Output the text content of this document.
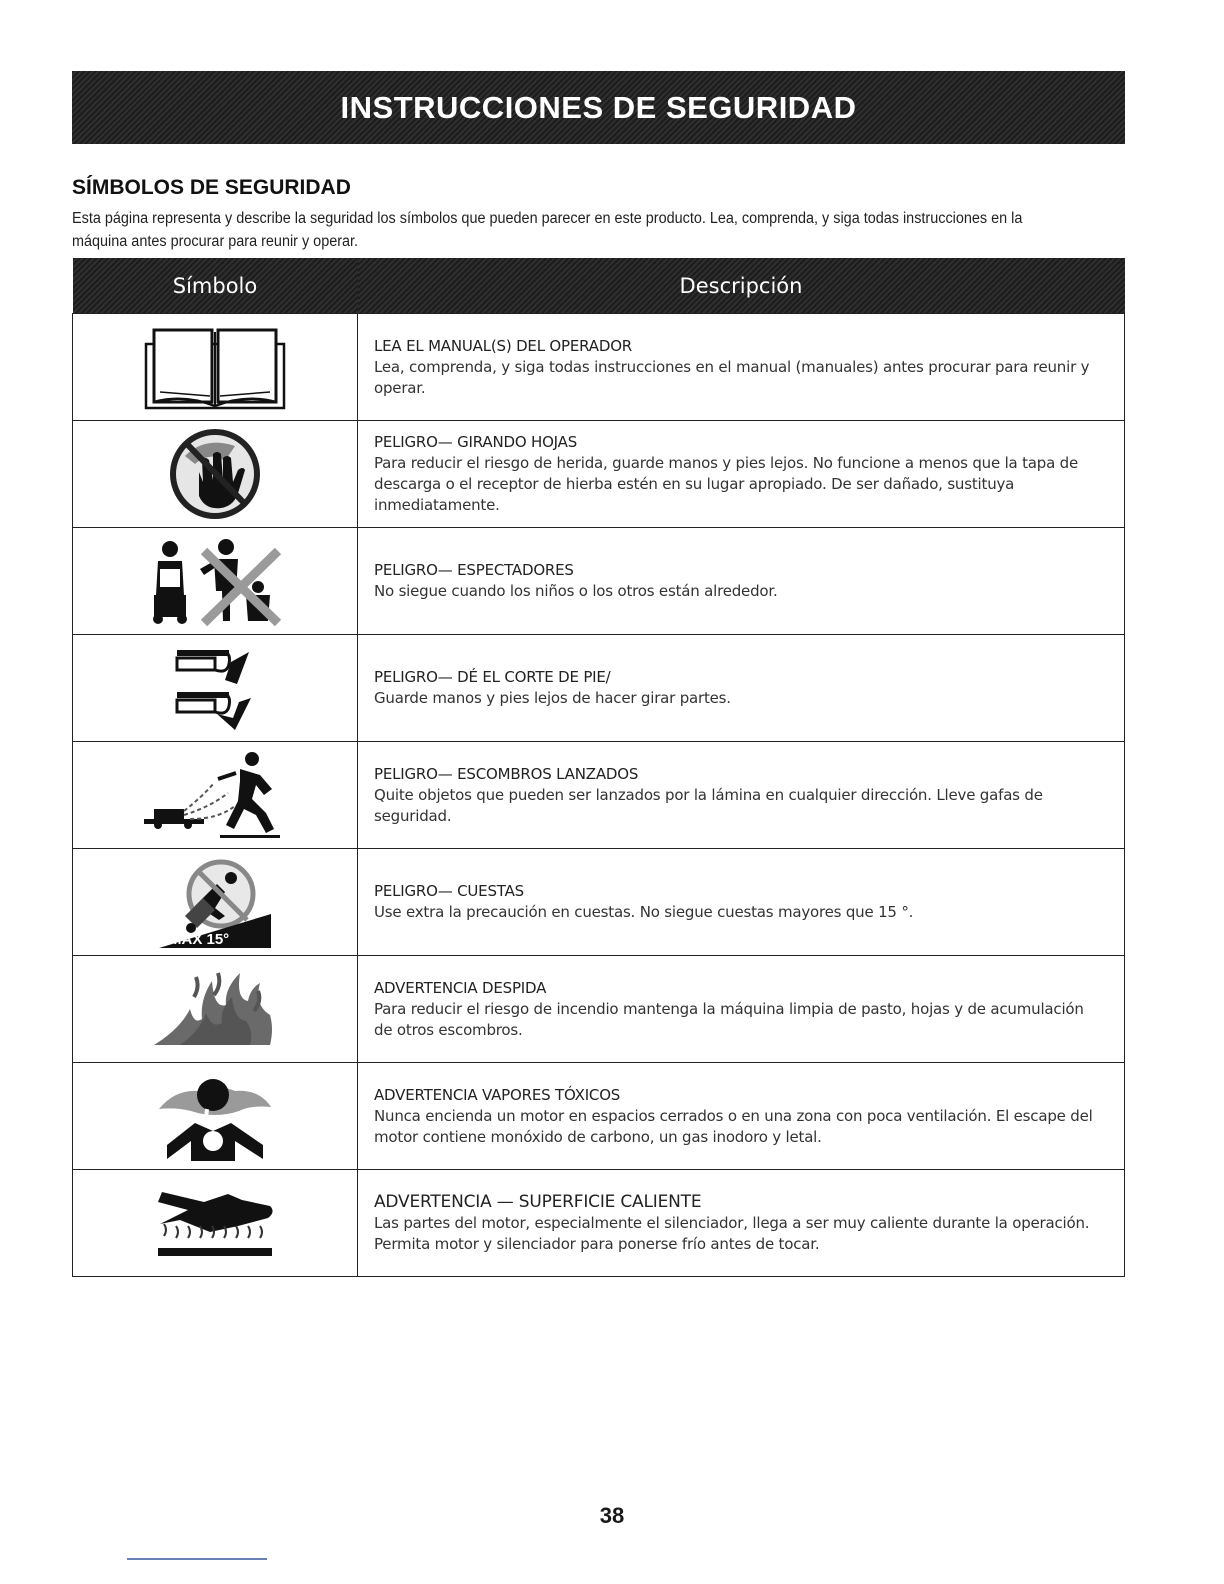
INSTRUCCIONES DE SEGURIDAD
SÍMBOLOS DE SEGURIDAD

Esta página representa y describe la seguridad los símbolos que pueden parecer en este producto. Lea, comprenda, y siga todas instrucciones en la máquina antes procurar para reunir y operar.

Símbolo	Descripción

LEA EL MANUAL(S) DEL OPERADOR
Lea, comprenda, y siga todas instrucciones en el manual (manuales) antes procurar para reunir y operar.

PELIGRO— GIRANDO HOJAS
Para reducir el riesgo de herida, guarde manos y pies lejos. No funcione a menos que la tapa de descarga o el receptor de hierba estén en su lugar apropiado. De ser dañado, sustituya inmediatamente.

PELIGRO— ESPECTADORES
No siegue cuando los niños o los otros están alrededor.

PELIGRO— DÉ EL CORTE DE PIE/
Guarde manos y pies lejos de hacer girar partes.

PELIGRO— ESCOMBROS LANZADOS
Quite objetos que pueden ser lanzados por la lámina en cualquier dirección. Lleve gafas de seguridad.

MAX 15°	PELIGRO— CUESTAS
Use extra la precaución en cuestas. No siegue cuestas mayores que 15 °.

ADVERTENCIA DESPIDA
Para reducir el riesgo de incendio mantenga la máquina limpia de pasto, hojas y de acumulación de otros escombros.

ADVERTENCIA VAPORES TÓXICOS
Nunca encienda un motor en espacios cerrados o en una zona con poca ventilación. El escape del motor contiene monóxido de carbono, un gas inodoro y letal.

ADVERTENCIA — SUPERFICIE CALIENTE
Las partes del motor, especialmente el silenciador, llega a ser muy caliente durante la operación. Permita motor y silenciador para ponerse frío antes de tocar.
38
